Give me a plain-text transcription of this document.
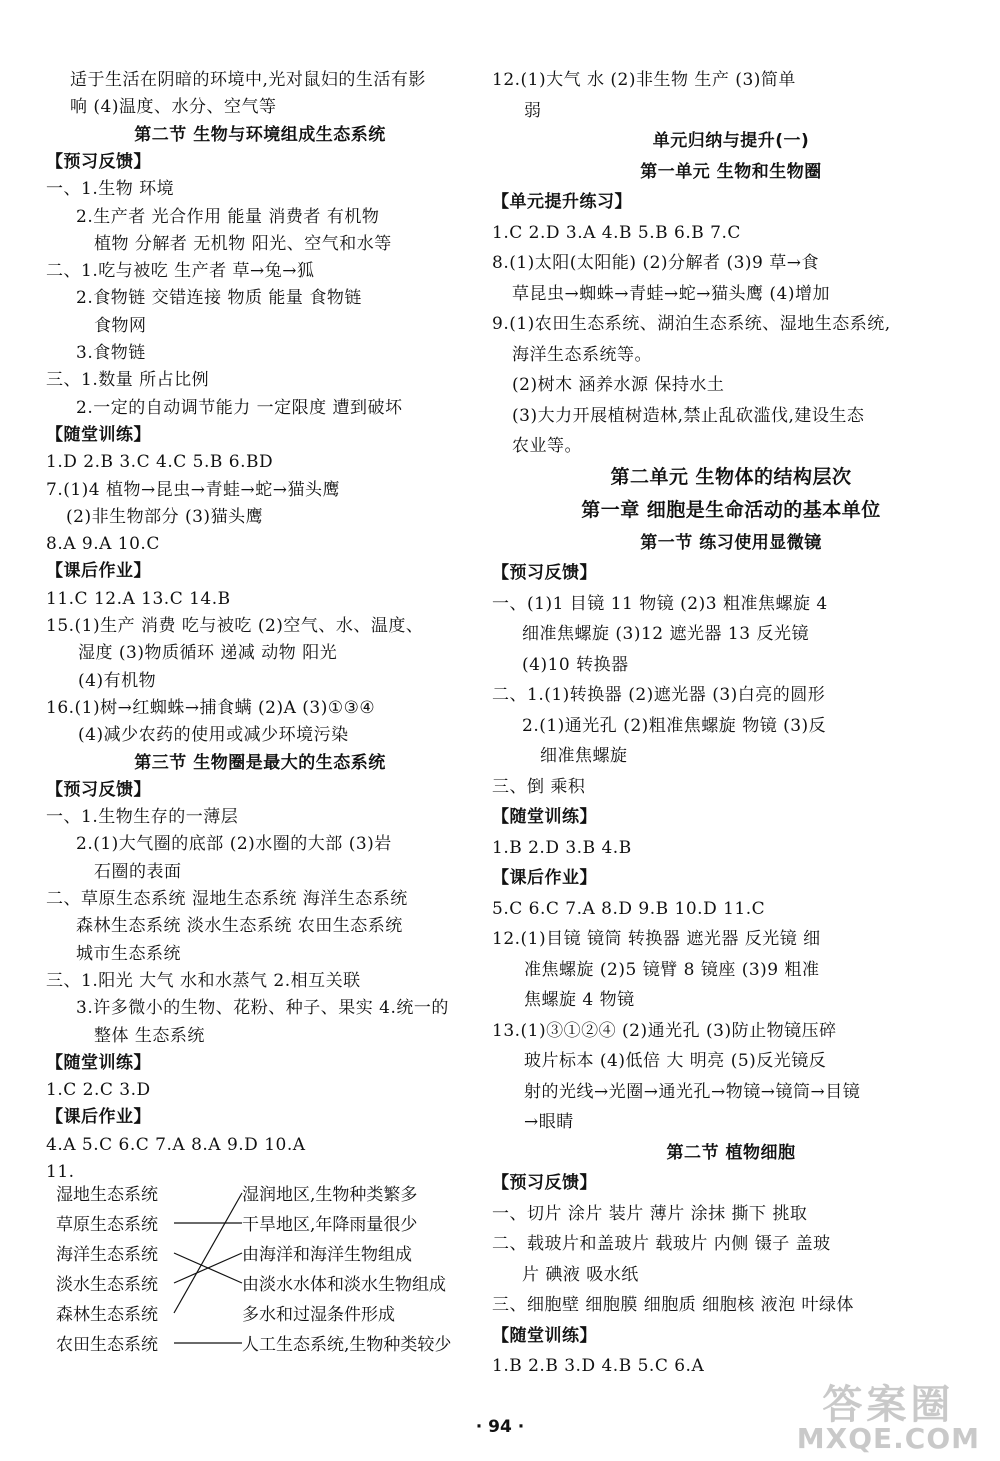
适于生活在阴暗的环境中,光对鼠妇的生活有影
响 (4)温度、水分、空气等
第二节 生物与环境组成生态系统
【预习反馈】
一、1.生物 环境
2.生产者 光合作用 能量 消费者 有机物
植物 分解者 无机物 阳光、空气和水等
二、1.吃与被吃 生产者 草→兔→狐
2.食物链 交错连接 物质 能量 食物链
食物网
3.食物链
三、1.数量 所占比例
2.一定的自动调节能力 一定限度 遭到破坏
【随堂训练】
1.D 2.B 3.C 4.C 5.B 6.BD
7.(1)4 植物→昆虫→青蛙→蛇→猫头鹰
(2)非生物部分 (3)猫头鹰
8.A 9.A 10.C
【课后作业】
11.C 12.A 13.C 14.B
15.(1)生产 消费 吃与被吃 (2)空气、水、温度、
湿度 (3)物质循环 递减 动物 阳光
(4)有机物
16.(1)树→红蜘蛛→捕食螨 (2)A (3)①③④
(4)减少农药的使用或减少环境污染
第三节 生物圈是最大的生态系统
【预习反馈】
一、1.生物生存的一薄层
2.(1)大气圈的底部 (2)水圈的大部 (3)岩
石圈的表面
二、草原生态系统 湿地生态系统 海洋生态系统
森林生态系统 淡水生态系统 农田生态系统
城市生态系统
三、1.阳光 大气 水和水蒸气 2.相互关联
3.许多微小的生物、花粉、种子、果实 4.统一的
整体 生态系统
【随堂训练】
1.C 2.C 3.D
【课后作业】
4.A 5.C 6.C 7.A 8.A 9.D 10.A
11.
12.(1)大气 水 (2)非生物 生产 (3)简单
弱
单元归纳与提升(一)
第一单元 生物和生物圈
【单元提升练习】
1.C 2.D 3.A 4.B 5.B 6.B 7.C
8.(1)太阳(太阳能) (2)分解者 (3)9 草→食
草昆虫→蜘蛛→青蛙→蛇→猫头鹰 (4)增加
9.(1)农田生态系统、湖泊生态系统、湿地生态系统,
海洋生态系统等。
(2)树木 涵养水源 保持水土
(3)大力开展植树造林,禁止乱砍滥伐,建设生态
农业等。
第二单元 生物体的结构层次
第一章 细胞是生命活动的基本单位
第一节 练习使用显微镜
【预习反馈】
一、(1)1 目镜 11 物镜 (2)3 粗准焦螺旋 4
细准焦螺旋 (3)12 遮光器 13 反光镜
(4)10 转换器
二、1.(1)转换器 (2)遮光器 (3)白亮的圆形
2.(1)通光孔 (2)粗准焦螺旋 物镜 (3)反
细准焦螺旋
三、倒 乘积
【随堂训练】
1.B 2.D 3.B 4.B
【课后作业】
5.C 6.C 7.A 8.D 9.B 10.D 11.C
12.(1)目镜 镜筒 转换器 遮光器 反光镜 细
准焦螺旋 (2)5 镜臂 8 镜座 (3)9 粗准
焦螺旋 4 物镜
13.(1)③①②④ (2)通光孔 (3)防止物镜压碎
玻片标本 (4)低倍 大 明亮 (5)反光镜反
射的光线→光圈→通光孔→物镜→镜筒→目镜
→眼睛
第二节 植物细胞
【预习反馈】
一、切片 涂片 装片 薄片 涂抹 撕下 挑取
二、载玻片和盖玻片 载玻片 内侧 镊子 盖玻
片 碘液 吸水纸
三、细胞壁 细胞膜 细胞质 细胞核 液泡 叶绿体
【随堂训练】
1.B 2.B 3.D 4.B 5.C 6.A
湿地生态系统
草原生态系统
海洋生态系统
淡水生态系统
森林生态系统
农田生态系统
湿润地区,生物种类繁多
干旱地区,年降雨量很少
由海洋和海洋生物组成
由淡水水体和淡水生物组成
多水和过湿条件形成
人工生态系统,生物种类较少
· 94 ·	答案圈
MXQE.COM
